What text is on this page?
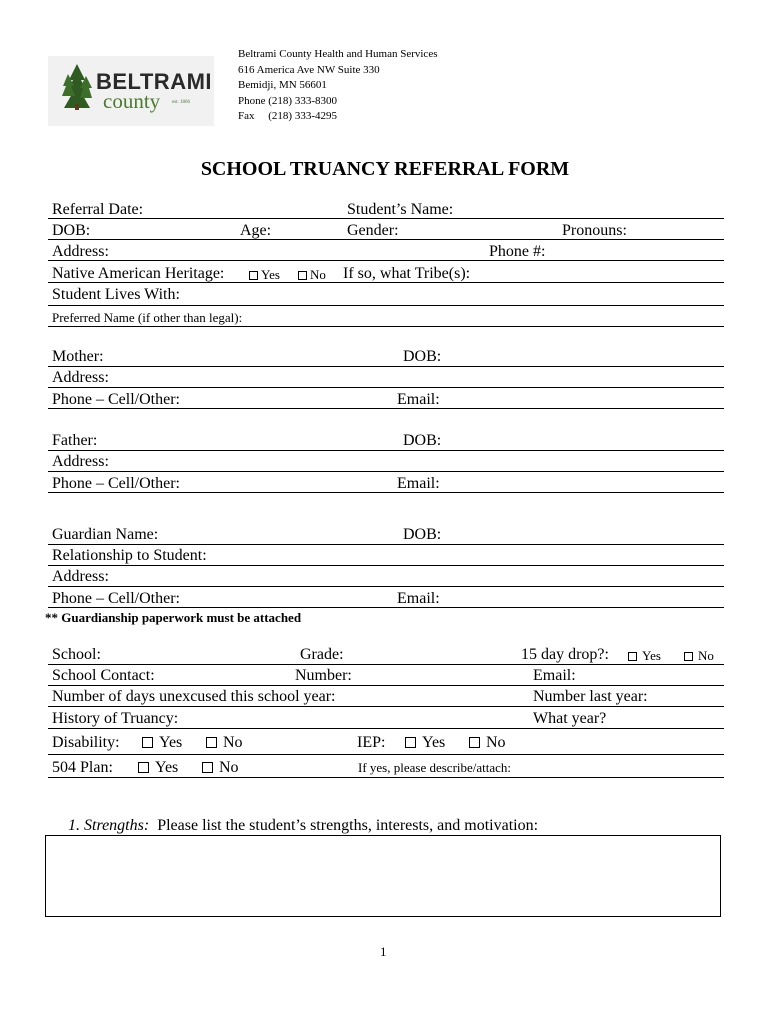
BELTRAMI
county est. 1866
Beltrami County Health and Human Services
616 America Ave NW Suite 330
Bemidji, MN 56601
Phone (218) 333-8300
Fax     (218) 333-4295
SCHOOL TRUANCY REFERRAL FORM
Referral Date:	Student’s Name:
DOB:	Age:	Gender:	Pronouns:
Address:	Phone #:
Native American Heritage:	Yes	No If so, what Tribe(s):
Student Lives With:
Preferred Name (if other than legal):
Mother:	DOB:
Address:
Phone – Cell/Other:	Email:
Father:	DOB:
Address:
Phone – Cell/Other:	Email:
Guardian Name:	DOB:
Relationship to Student:
Address:
Phone – Cell/Other:	Email:
** Guardianship paperwork must be attached
School:	Grade:	15 day drop?:	Yes	No
School Contact:	Number:	Email:
Number of days unexcused this school year:	Number last year:
History of Truancy:	What year?
Disability:	Yes	No	IEP:	Yes	No
504 Plan:	Yes	No	If yes, please describe/attach:
1. Strengths: Please list the student’s strengths, interests, and motivation:
1
